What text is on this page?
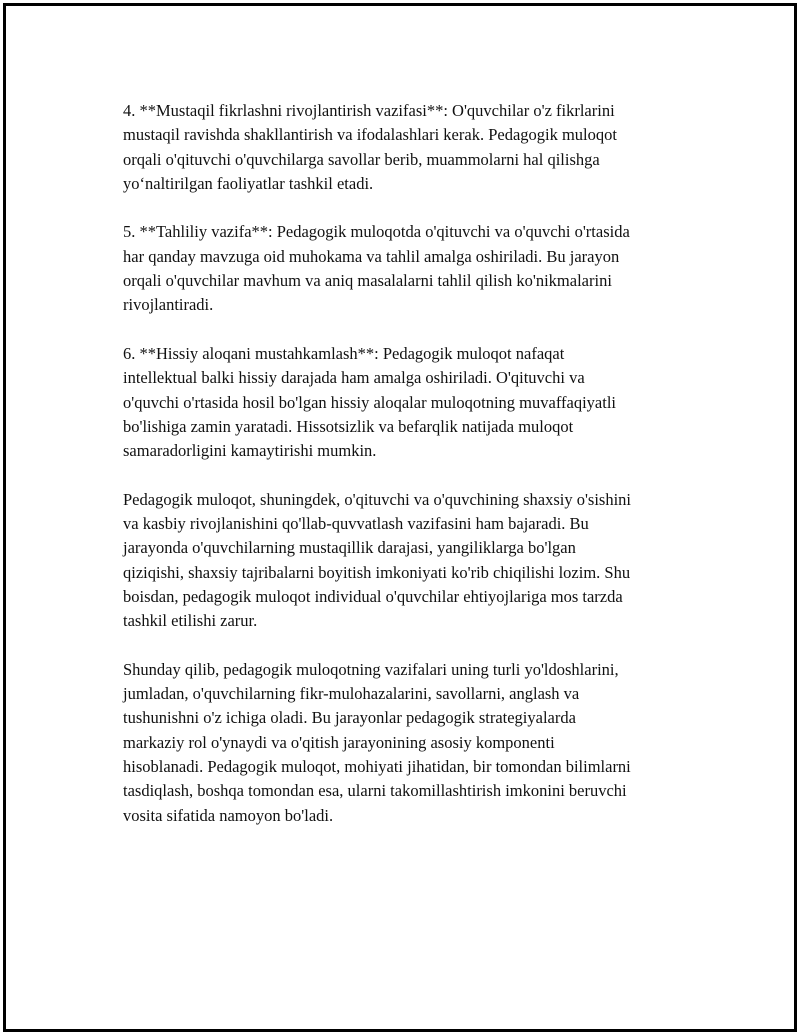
4. **Mustaqil fikrlashni rivojlantirish vazifasi**: O'quvchilar o'z fikrlarini
mustaqil ravishda shakllantirish va ifodalashlari kerak. Pedagogik muloqot
orqali o'qituvchi o'quvchilarga savollar berib, muammolarni hal qilishga
yo‘naltirilgan faoliyatlar tashkil etadi.

5. **Tahliliy vazifa**: Pedagogik muloqotda o'qituvchi va o'quvchi o'rtasida
har qanday mavzuga oid muhokama va tahlil amalga oshiriladi. Bu jarayon
orqali o'quvchilar mavhum va aniq masalalarni tahlil qilish ko'nikmalarini
rivojlantiradi.

6. **Hissiy aloqani mustahkamlash**: Pedagogik muloqot nafaqat
intellektual balki hissiy darajada ham amalga oshiriladi. O'qituvchi va
o'quvchi o'rtasida hosil bo'lgan hissiy aloqalar muloqotning muvaffaqiyatli
bo'lishiga zamin yaratadi. Hissotsizlik va befarqlik natijada muloqot
samaradorligini kamaytirishi mumkin.

Pedagogik muloqot, shuningdek, o'qituvchi va o'quvchining shaxsiy o'sishini
va kasbiy rivojlanishini qo'llab-quvvatlash vazifasini ham bajaradi. Bu
jarayonda o'quvchilarning mustaqillik darajasi, yangiliklarga bo'lgan
qiziqishi, shaxsiy tajribalarni boyitish imkoniyati ko'rib chiqilishi lozim. Shu
boisdan, pedagogik muloqot individual o'quvchilar ehtiyojlariga mos tarzda
tashkil etilishi zarur.

Shunday qilib, pedagogik muloqotning vazifalari uning turli yo'ldoshlarini,
jumladan, o'quvchilarning fikr-mulohazalarini, savollarni, anglash va
tushunishni o'z ichiga oladi. Bu jarayonlar pedagogik strategiyalarda
markaziy rol o'ynaydi va o'qitish jarayonining asosiy komponenti
hisoblanadi. Pedagogik muloqot, mohiyati jihatidan, bir tomondan bilimlarni
tasdiqlash, boshqa tomondan esa, ularni takomillashtirish imkonini beruvchi
vosita sifatida namoyon bo'ladi.
